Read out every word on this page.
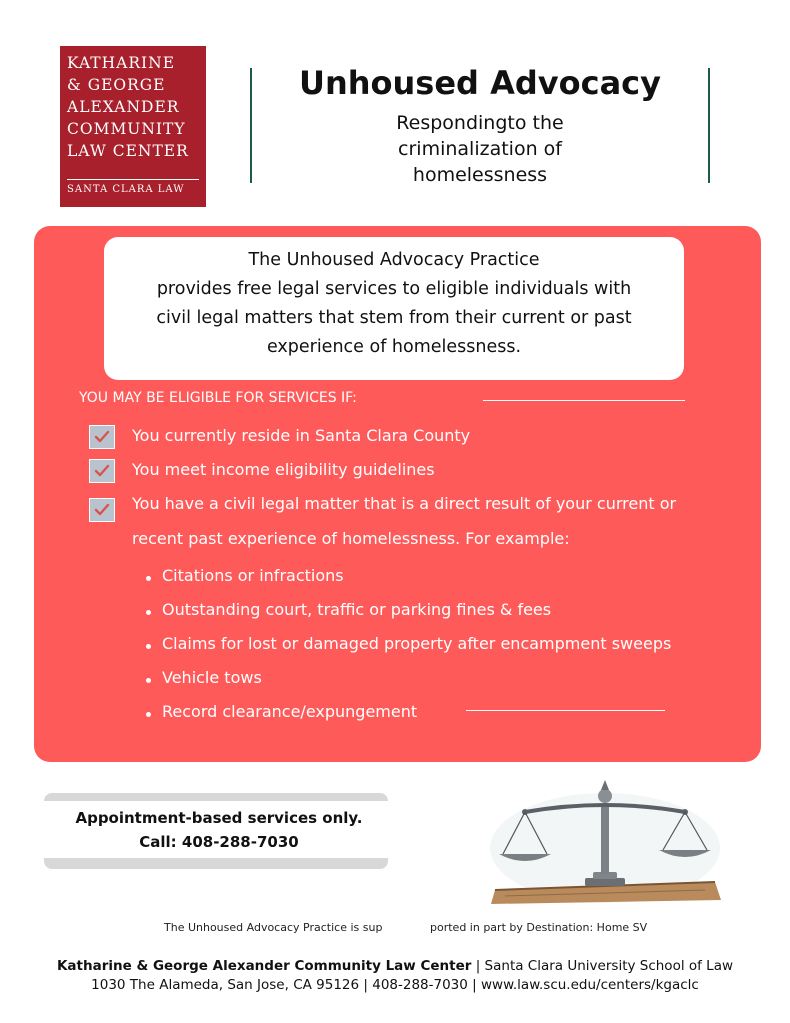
KATHARINE
& GEORGE
ALEXANDER
COMMUNITY
LAW CENTER
SANTA CLARA LAW
Unhoused Advocacy
Respondingto the
criminalization of
homelessness
The Unhoused Advocacy Practice
provides free legal services to eligible individuals with
civil legal matters that stem from their current or past
experience of homelessness.
YOU MAY BE ELIGIBLE FOR SERVICES IF:
You currently reside in Santa Clara County
You meet income eligibility guidelines
You have a civil legal matter that is a direct result of your current or
recent past experience of homelessness. For example:
Citations or infractions
Outstanding court, traffic or parking fines & fees
Claims for lost or damaged property after encampment sweeps
Vehicle tows
Record clearance/expungement
Appointment-based services only.
Call: 408-288-7030
The Unhoused Advocacy Practice is sup	ported in part by Destination: Home SV
Katharine & George Alexander Community Law Center | Santa Clara University School of Law
1030 The Alameda, San Jose, CA 95126 | 408-288-7030 | www.law.scu.edu/centers/kgaclc
